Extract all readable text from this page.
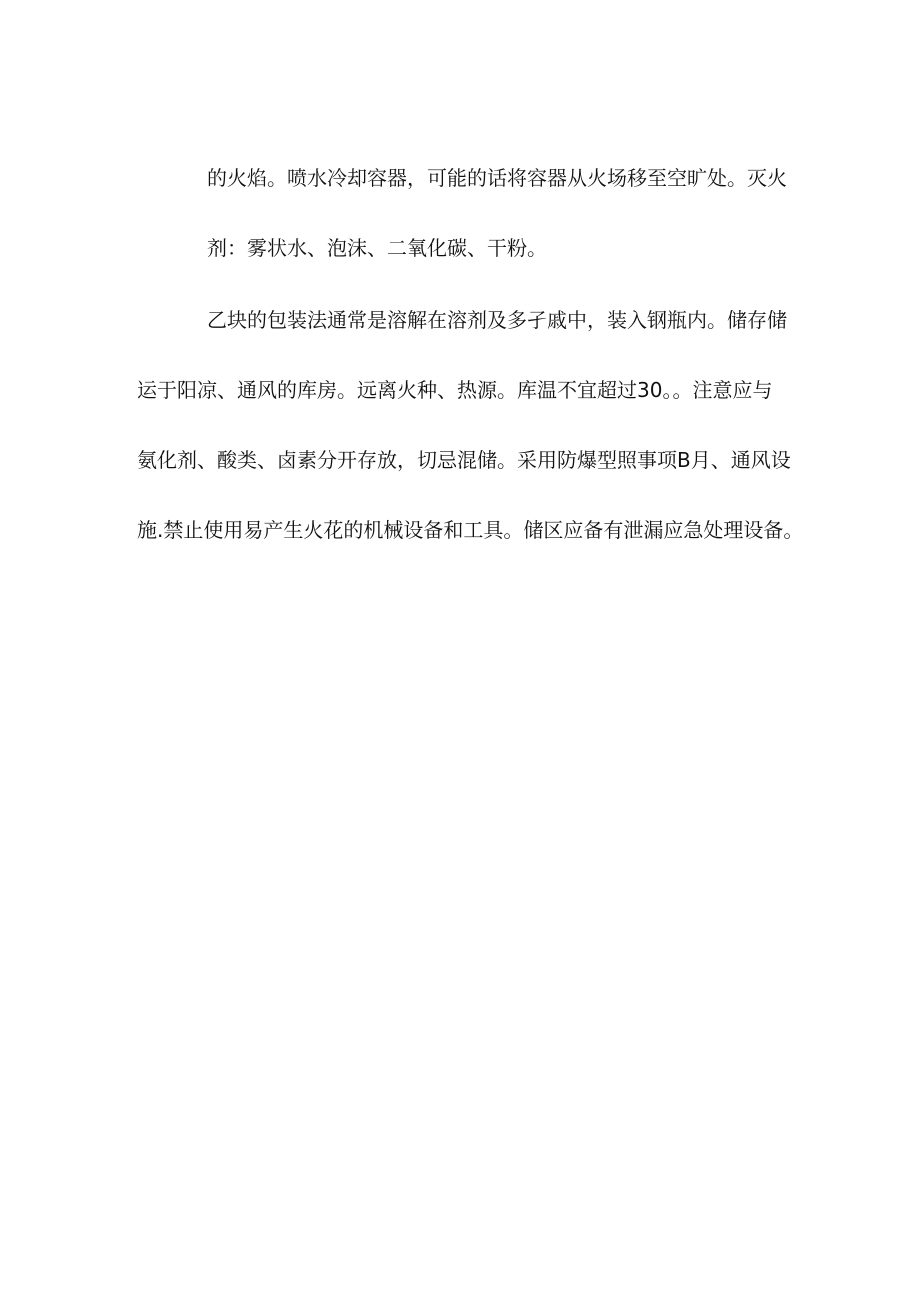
的火焰。喷水冷却容器，可能的话将容器从火场移至空旷处。灭火
剂：雾状水、泡沫、二氧化碳、干粉。
乙块的包装法通常是溶解在溶剂及多孑戚中，装入钢瓶内。储存储
运于阳凉、通风的库房。远离火种、热源。库温不宜超过30。。注意应与
氨化剂、酸类、卤素分开存放，切忌混储。采用防爆型照事项B月、通风设
施.禁止使用易产生火花的机械设备和工具。储区应备有泄漏应急处理设备。
